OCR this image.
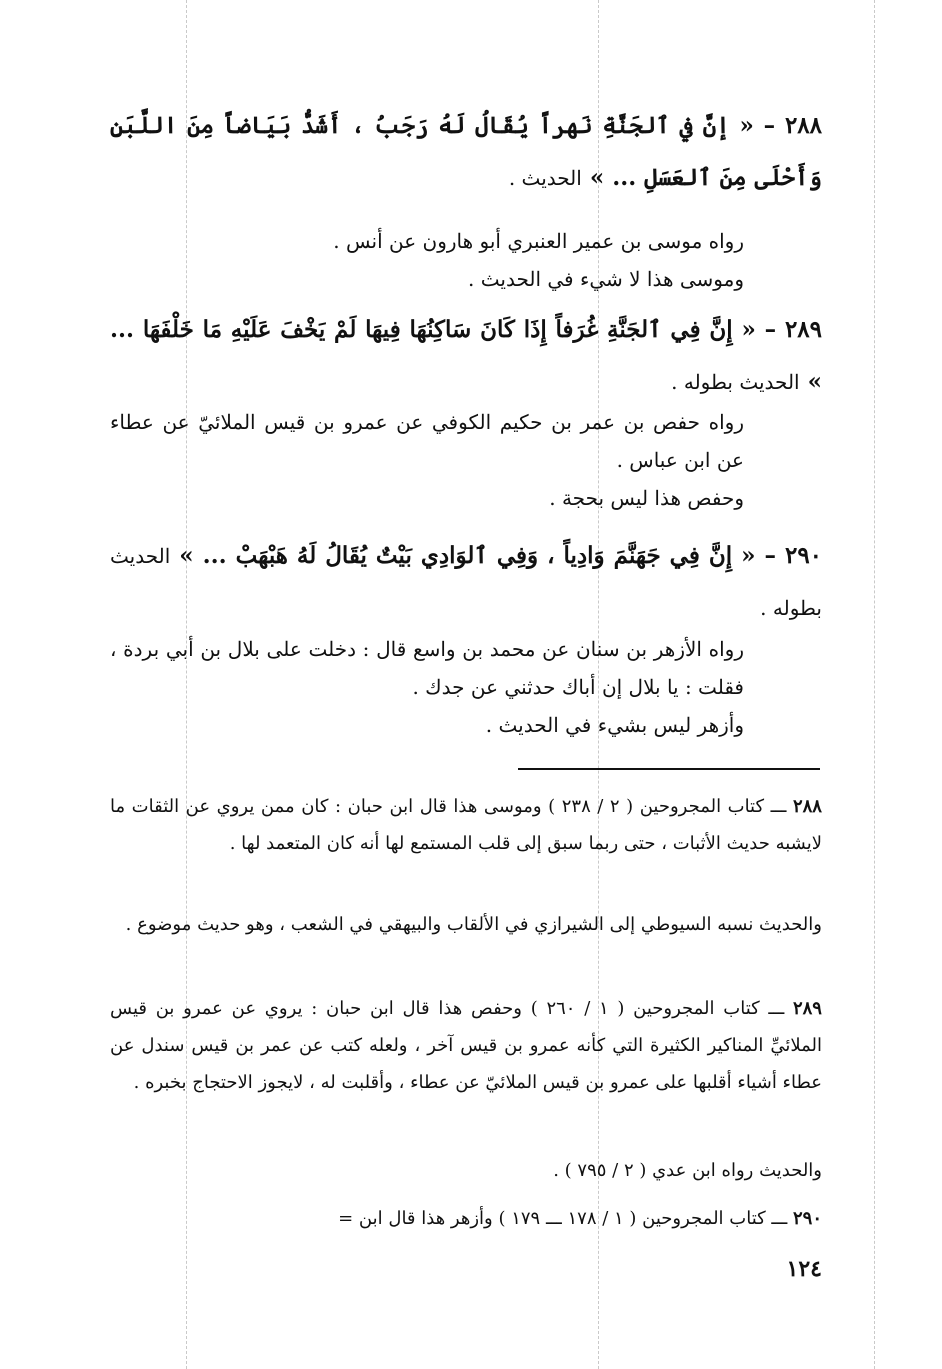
٢٨٨ – « إنَّ في ٱلجَنَّةِ نَهراً يُقَالُ لَهُ رَجَبُ ، أَشَدُّ بَيَاضاً مِنَ اللَّبَنِ وَأَحْلَى مِنَ ٱلعَسَلِ ... » الحديث .

رواه موسى بن عمير العنبري أبو هارون عن أنس .

وموسى هذا لا شيء في الحديث .

٢٨٩ – « إِنَّ فِي ٱلجَنَّةِ غُرَفاً إِذَا كَانَ سَاكِنُهَا فِيهَا لَمْ يَخْفَ عَلَيْهِ مَا خَلْفَهَا ... » الحديث بطوله .

رواه حفص بن عمر بن حكيم الكوفي عن عمرو بن قيس الملائيّ عن عطاء عن ابن عباس .

وحفص هذا ليس بحجة .

٢٩٠ – « إِنَّ فِي جَهَنَّمَ وَادِياً ، وَفِي ٱلوَادِي بَيْتٌ يُقَالُ لَهُ هَبْهَبْ ... » الحديث بطوله .

رواه الأزهر بن سنان عن محمد بن واسع قال : دخلت على بلال بن أبي بردة ، فقلت : يا بلال إن أباك حدثني عن جدك .

وأزهر ليس بشيء في الحديث .

٢٨٨ ـــ كتاب المجروحين ( ٢ / ٢٣٨ ) وموسى هذا قال ابن حبان : كان ممن يروي عن الثقات ما لايشبه حديث الأثبات ، حتى ربما سبق إلى قلب المستمع لها أنه كان المتعمد لها .
والحديث نسبه السيوطي إلى الشيرازي في الألقاب والبيهقي في الشعب ، وهو حديث موضوع .
٢٨٩ ـــ كتاب المجروحين ( ١ / ٢٦٠ ) وحفص هذا قال ابن حبان : يروي عن عمرو بن قيس الملائيِّ المناكير الكثيرة التي كأنه عمرو بن قيس آخر ، ولعله كتب عن عمر بن قيس سندل عن عطاء أشياء أقلبها على عمرو بن قيس الملائيّ عن عطاء ، وأقلبت له ، لايجوز الاحتجاج بخبره .
والحديث رواه ابن عدي ( ٢ / ٧٩٥ ) .
٢٩٠ ـــ كتاب المجروحين ( ١ / ١٧٨ ـــ ١٧٩ ) وأزهر هذا قال ابن =
١٢٤
